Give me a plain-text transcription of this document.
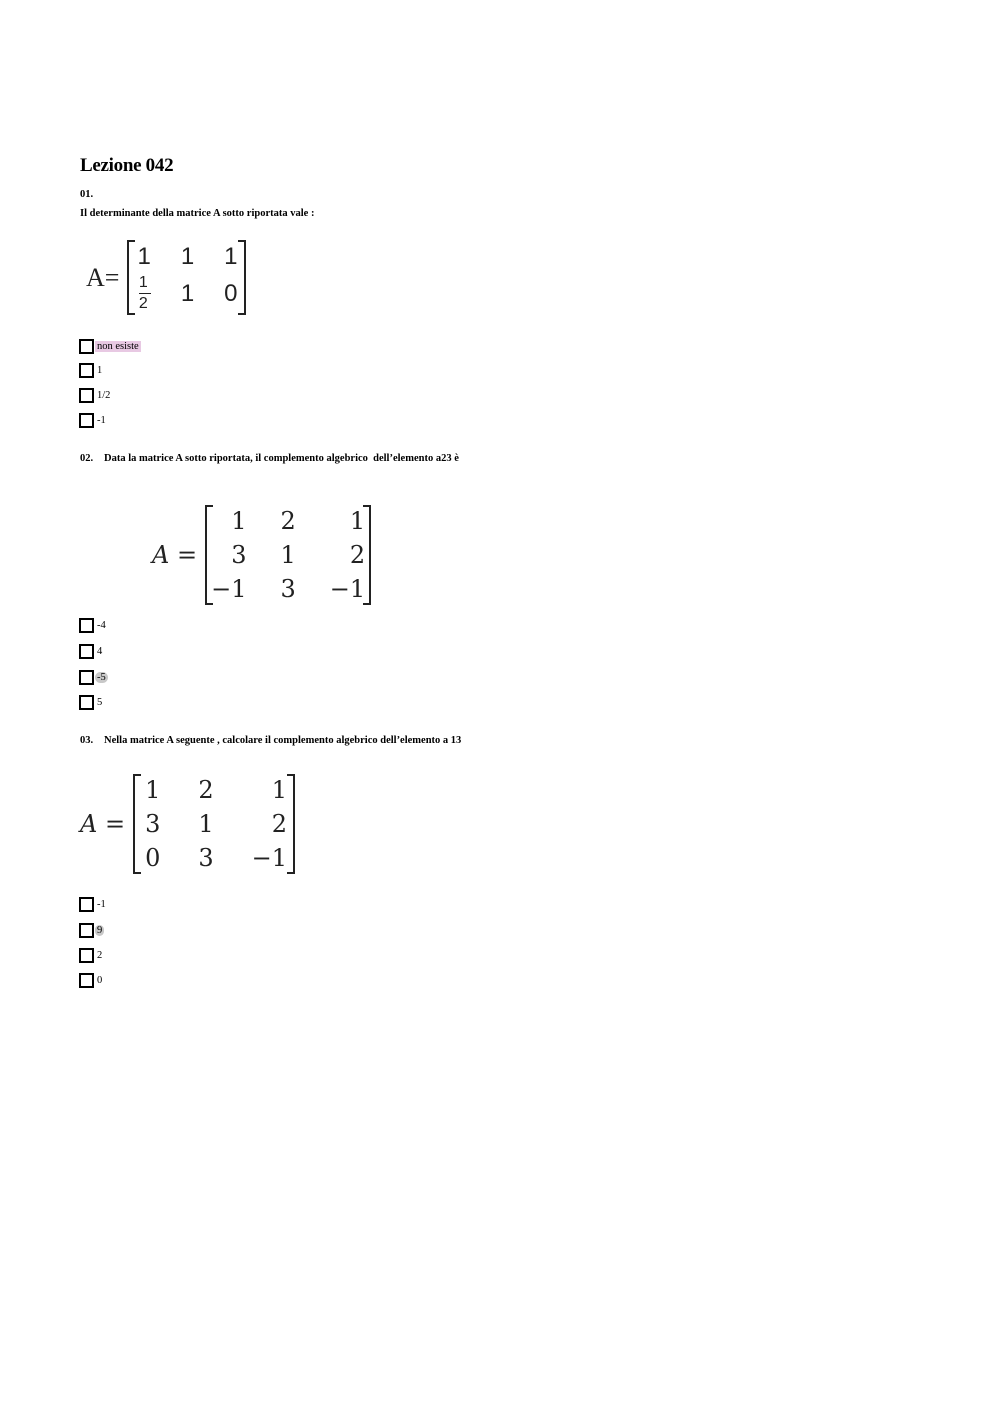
Lezione 042
01.
Il determinante della matrice A sotto riportata vale :
A=
1 1 1
$\frac{1}{2} 1$ 0
non esiste
1
1/2
-1
02. Data la matrice A sotto riportata, il complemento algebrico  dell’elemento a23 è
A =
1 2 1
3 1 2
−1 3 −1
-4
4
-5
5
03. Nella matrice A seguente , calcolare il complemento algebrico dell’elemento a 13
A =
1 2 1
3 1 2
0 3 −1
-1
9
2
0
